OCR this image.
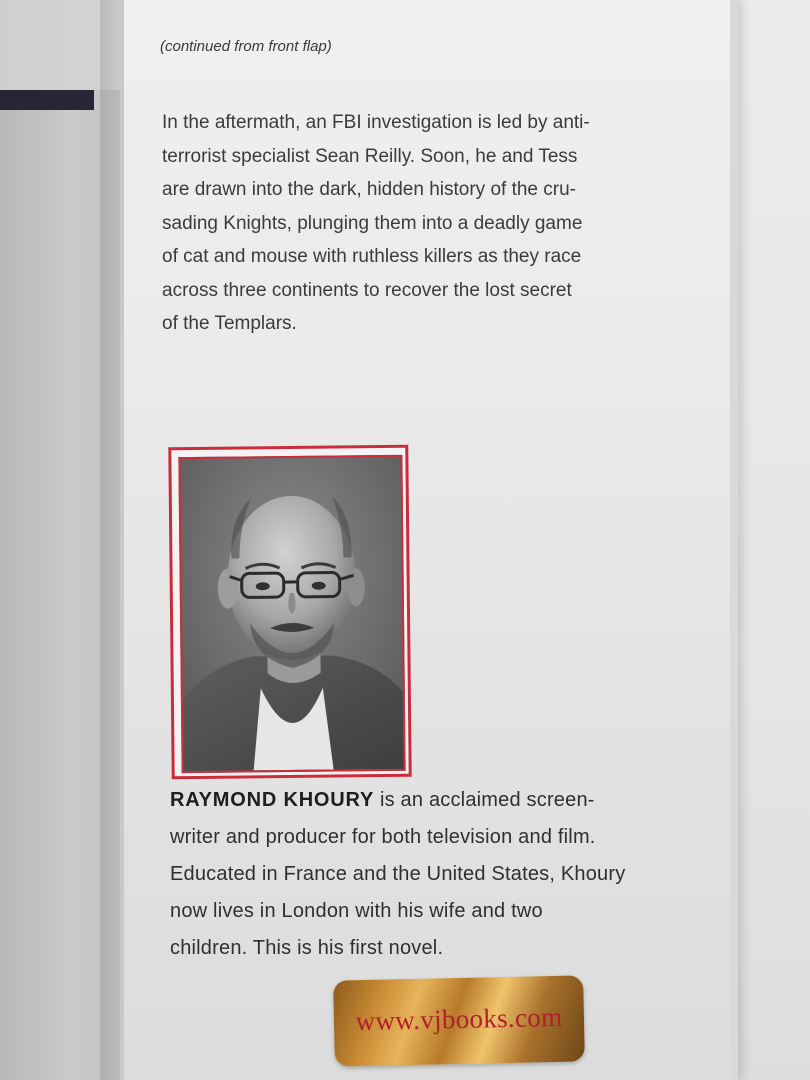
(continued from front flap)

In the aftermath, an FBI investigation is led by anti-
terrorist specialist Sean Reilly. Soon, he and Tess
are drawn into the dark, hidden history of the cru-
sading Knights, plunging them into a deadly game
of cat and mouse with ruthless killers as they race
across three continents to recover the lost secret
of the Templars.

RAYMOND KHOURY is an acclaimed screen-
writer and producer for both television and film.
Educated in France and the United States, Khoury
now lives in London with his wife and two
children. This is his first novel.

www.vjbooks.com
